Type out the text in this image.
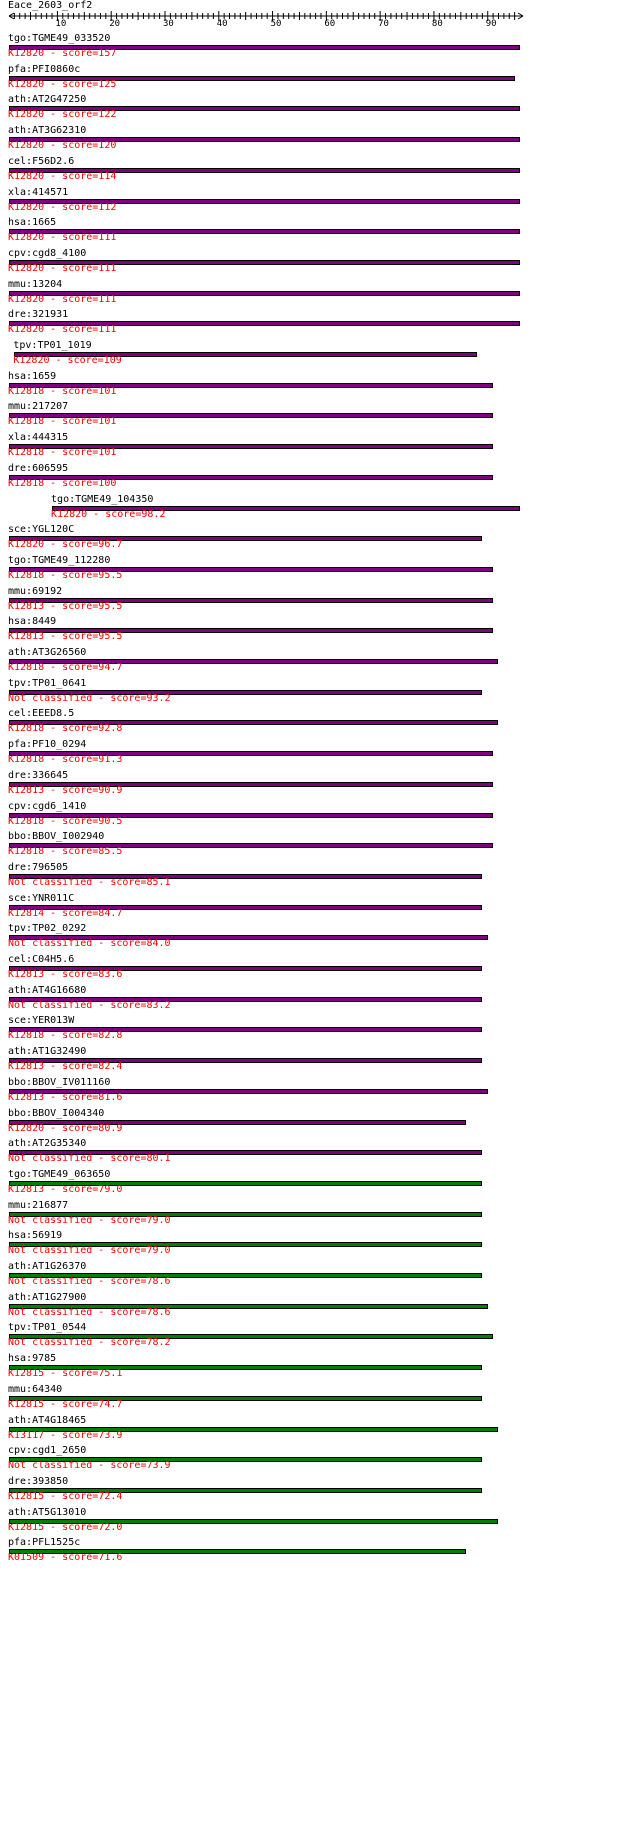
Eace_2603_orf2
10	20	30	40	50	60	70	80	90
tgo:TGME49_033520
K12820 - score=157
pfa:PFI0860c
K12820 - score=125
ath:AT2G47250
K12820 - score=122
ath:AT3G62310
K12820 - score=120
cel:F56D2.6
K12820 - score=114
xla:414571
K12820 - score=112
hsa:1665
K12820 - score=111
cpv:cgd8_4100
K12820 - score=111
mmu:13204
K12820 - score=111
dre:321931
K12820 - score=111
tpv:TP01_1019
K12820 - score=109
hsa:1659
K12818 - score=101
mmu:217207
K12818 - score=101
xla:444315
K12818 - score=101
dre:606595
K12818 - score=100
tgo:TGME49_104350
K12820 - score=98.2
sce:YGL120C
K12820 - score=96.7
tgo:TGME49_112280
K12818 - score=95.5
mmu:69192
K12813 - score=95.5
hsa:8449
K12813 - score=95.5
ath:AT3G26560
K12818 - score=94.7
tpv:TP01_0641
Not classified - score=93.2
cel:EEED8.5
K12818 - score=92.8
pfa:PF10_0294
K12818 - score=91.3
dre:336645
K12813 - score=90.9
cpv:cgd6_1410
K12818 - score=90.5
bbo:BBOV_I002940
K12818 - score=85.5
dre:796505
Not classified - score=85.1
sce:YNR011C
K12814 - score=84.7
tpv:TP02_0292
Not classified - score=84.0
cel:C04H5.6
K12813 - score=83.6
ath:AT4G16680
Not classified - score=83.2
sce:YER013W
K12818 - score=82.8
ath:AT1G32490
K12813 - score=82.4
bbo:BBOV_IV011160
K12813 - score=81.6
bbo:BBOV_I004340
K12820 - score=80.9
ath:AT2G35340
Not classified - score=80.1
tgo:TGME49_063650
K12813 - score=79.0
mmu:216877
Not classified - score=79.0
hsa:56919
Not classified - score=79.0
ath:AT1G26370
Not classified - score=78.6
ath:AT1G27900
Not classified - score=78.6
tpv:TP01_0544
Not classified - score=78.2
hsa:9785
K12815 - score=75.1
mmu:64340
K12815 - score=74.7
ath:AT4G18465
K13117 - score=73.9
cpv:cgd1_2650
Not classified - score=73.9
dre:393850
K12815 - score=72.4
ath:AT5G13010
K12815 - score=72.0
pfa:PFL1525c
K01509 - score=71.6
